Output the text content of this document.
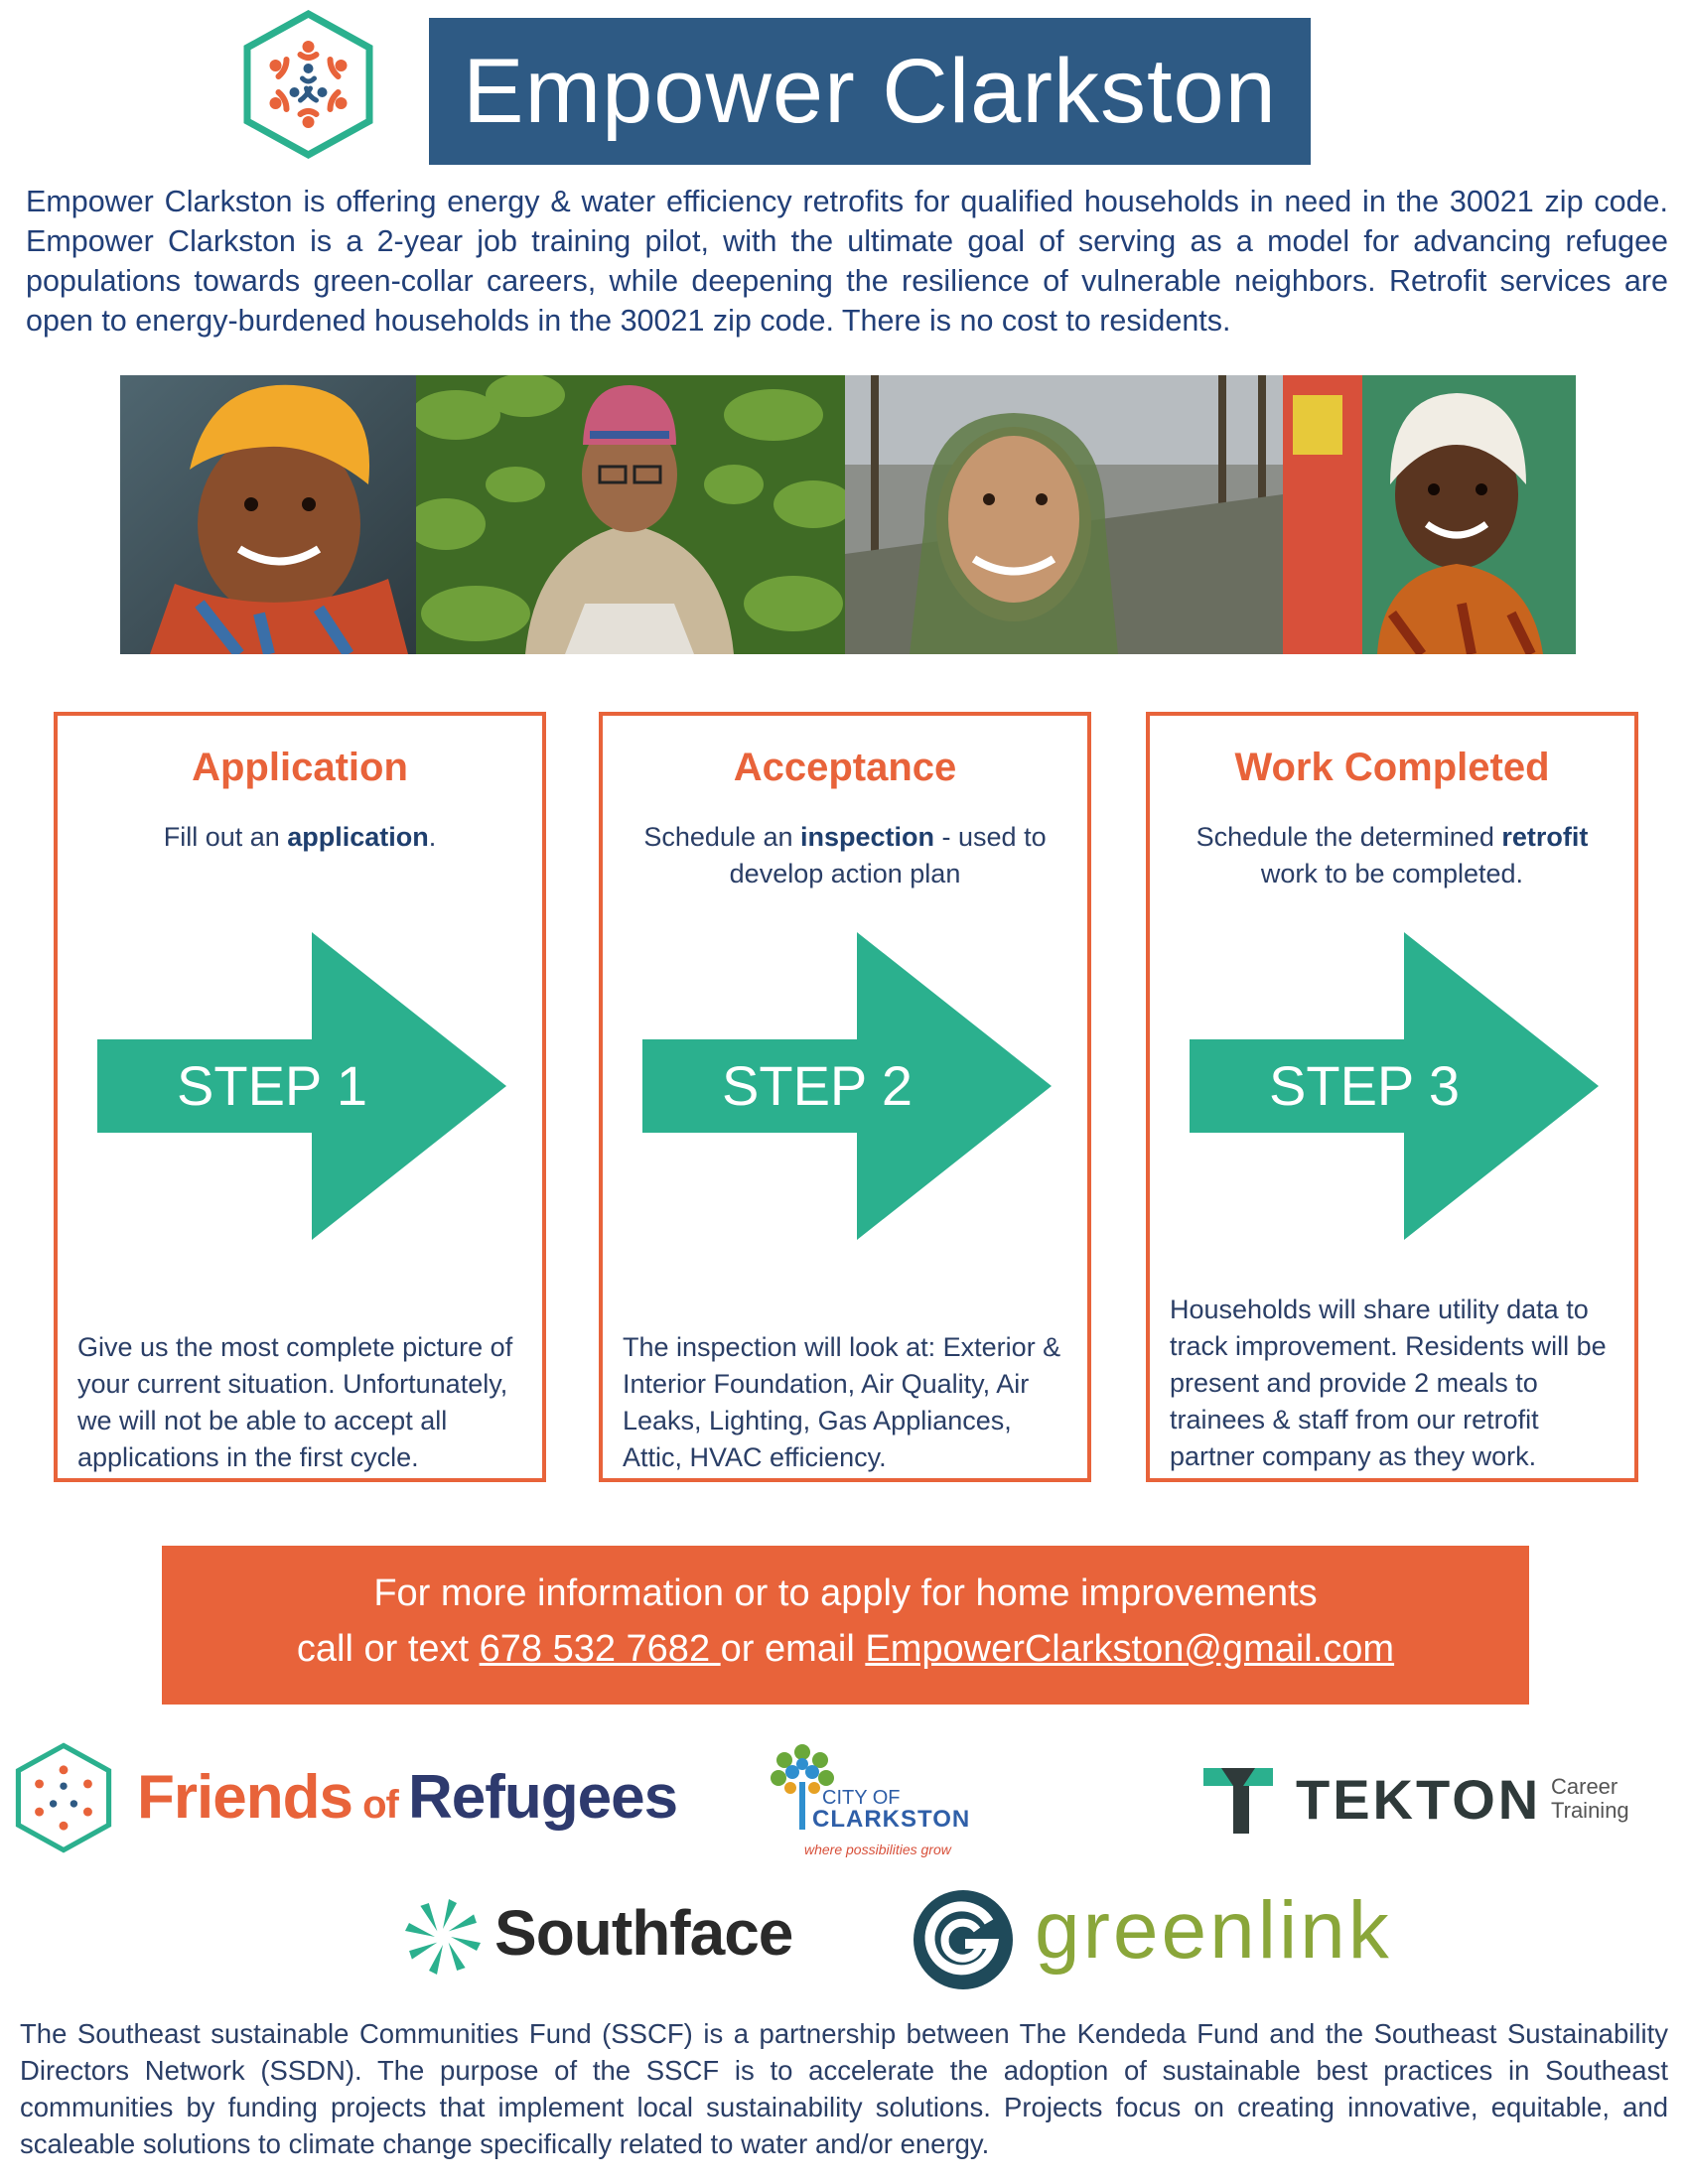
Empower Clarkston
Empower Clarkston is offering energy & water efficiency retrofits for qualified households in need in the 30021 zip code. Empower Clarkston is a 2-year job training pilot, with the ultimate goal of serving as a model for advancing refugee populations towards green-collar careers, while deepening the resilience of vulnerable neighbors. Retrofit services are open to energy-burdened households in the 30021 zip code. There is no cost to residents.
Application
Fill out an application.
STEP 1
Give us the most complete picture of your current situation. Unfortunately, we will not be able to accept all applications in the first cycle.
Acceptance
Schedule an inspection - used to develop action plan
STEP 2
The inspection will look at: Exterior & Interior Foundation, Air Quality, Air Leaks, Lighting, Gas Appliances, Attic, HVAC efficiency.
Work Completed
Schedule the determined retrofit work to be completed.
STEP 3
Households will share utility data to track improvement. Residents will be present and provide 2 meals to trainees & staff from our retrofit partner company as they work.
For more information or to apply for home improvements
call or text 678 532 7682 or email EmpowerClarkston@gmail.com
Friends of Refugees	CITY OF
CLARKSTON
where possibilities grow
TEKTON Career
Training
Southface	greenlink
The Southeast sustainable Communities Fund (SSCF) is a partnership between The Kendeda Fund and the Southeast Sustainability Directors Network (SSDN). The purpose of the SSCF is to accelerate the adoption of sustainable best practices in Southeast communities by funding projects that implement local sustainability solutions. Projects focus on creating innovative, equitable, and scaleable solutions to climate change specifically related to water and/or energy.
